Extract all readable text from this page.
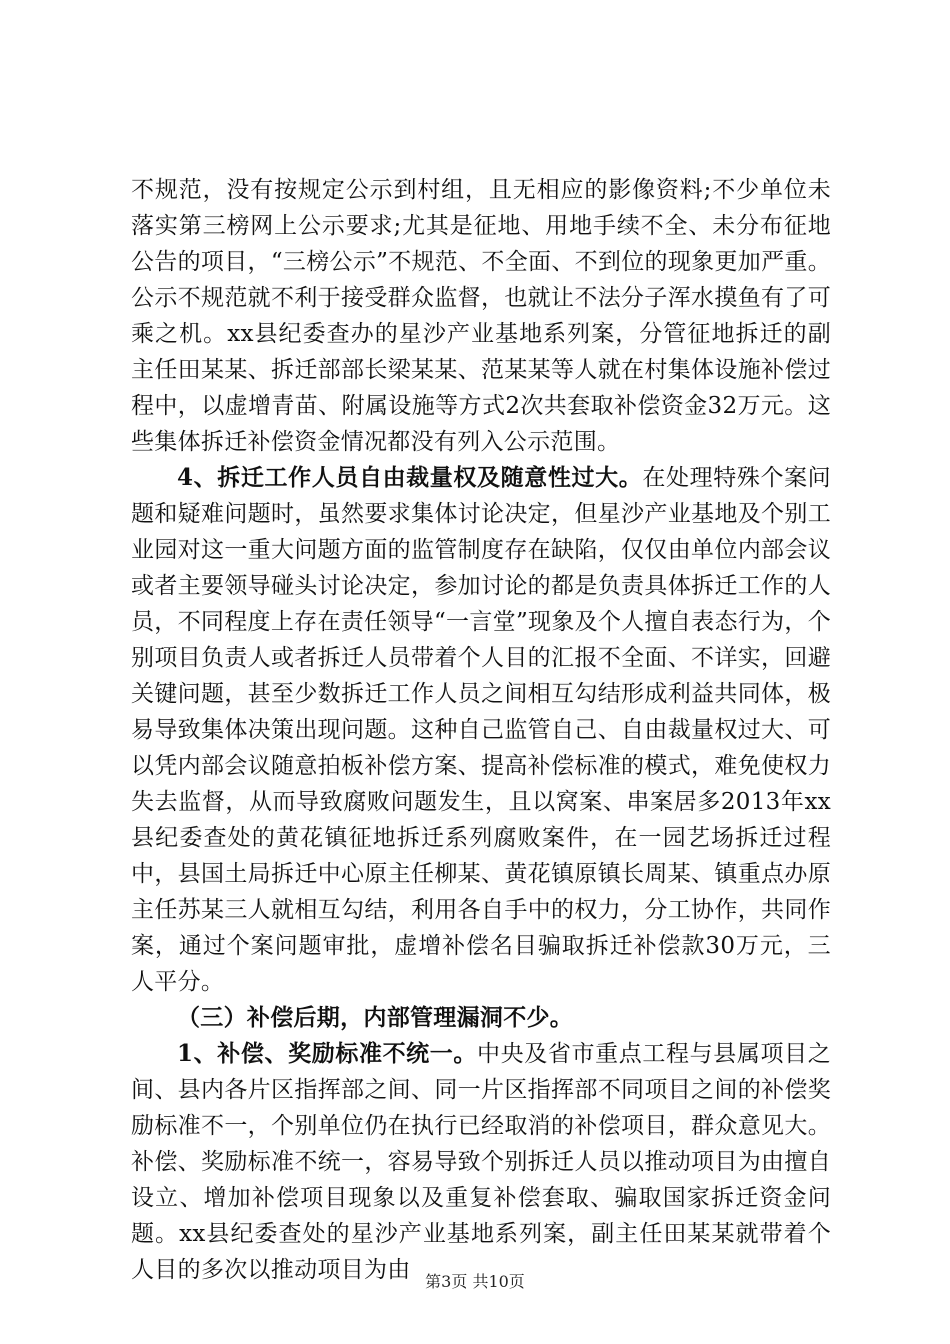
不规范，没有按规定公示到村组，且无相应的影像资料;不少单位未落实第三榜网上公示要求;尤其是征地、用地手续不全、未分布征地公告的项目，“三榜公示”不规范、不全面、不到位的现象更加严重。公示不规范就不利于接受群众监督，也就让不法分子浑水摸鱼有了可乘之机。xx县纪委查办的星沙产业基地系列案，分管征地拆迁的副主任田某某、拆迁部部长梁某某、范某某等人就在村集体设施补偿过程中，以虚增青苗、附属设施等方式2次共套取补偿资金32万元。这些集体拆迁补偿资金情况都没有列入公示范围。

4、拆迁工作人员自由裁量权及随意性过大。在处理特殊个案问题和疑难问题时，虽然要求集体讨论决定，但星沙产业基地及个别工业园对这一重大问题方面的监管制度存在缺陷，仅仅由单位内部会议或者主要领导碰头讨论决定，参加讨论的都是负责具体拆迁工作的人员，不同程度上存在责任领导“一言堂”现象及个人擅自表态行为，个别项目负责人或者拆迁人员带着个人目的汇报不全面、不详实，回避关键问题，甚至少数拆迁工作人员之间相互勾结形成利益共同体，极易导致集体决策出现问题。这种自己监管自己、自由裁量权过大、可以凭内部会议随意拍板补偿方案、提高补偿标准的模式，难免使权力失去监督，从而导致腐败问题发生，且以窝案、串案居多2013年xx县纪委查处的黄花镇征地拆迁系列腐败案件，在一园艺场拆迁过程中，县国土局拆迁中心原主任柳某、黄花镇原镇长周某、镇重点办原主任苏某三人就相互勾结，利用各自手中的权力，分工协作，共同作案，通过个案问题审批，虚增补偿名目骗取拆迁补偿款30万元，三人平分。

（三）补偿后期，内部管理漏洞不少。

1、补偿、奖励标准不统一。中央及省市重点工程与县属项目之间、县内各片区指挥部之间、同一片区指挥部不同项目之间的补偿奖励标准不一，个别单位仍在执行已经取消的补偿项目，群众意见大。补偿、奖励标准不统一，容易导致个别拆迁人员以推动项目为由擅自设立、增加补偿项目现象以及重复补偿套取、骗取国家拆迁资金问题。xx县纪委查处的星沙产业基地系列案，副主任田某某就带着个人目的多次以推动项目为由 第3页 共10页
